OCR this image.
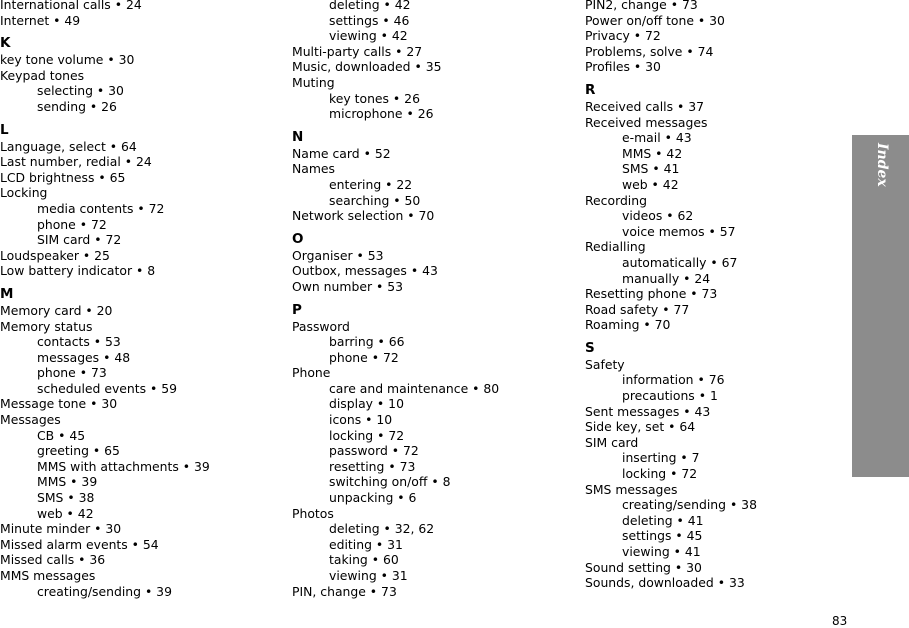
International calls • 24
Internet • 49
K
key tone volume • 30
Keypad tones
selecting • 30
sending • 26
L
Language, select • 64
Last number, redial • 24
LCD brightness • 65
Locking
media contents • 72
phone • 72
SIM card • 72
Loudspeaker • 25
Low battery indicator • 8
M
Memory card • 20
Memory status
contacts • 53
messages • 48
phone • 73
scheduled events • 59
Message tone • 30
Messages
CB • 45
greeting • 65
MMS with attachments • 39
MMS • 39
SMS • 38
web • 42
Minute minder • 30
Missed alarm events • 54
Missed calls • 36
MMS messages
creating/sending • 39
deleting • 42
settings • 46
viewing • 42
Multi-party calls • 27
Music, downloaded • 35
Muting
key tones • 26
microphone • 26
N
Name card • 52
Names
entering • 22
searching • 50
Network selection • 70
O
Organiser • 53
Outbox, messages • 43
Own number • 53
P
Password
barring • 66
phone • 72
Phone
care and maintenance • 80
display • 10
icons • 10
locking • 72
password • 72
resetting • 73
switching on/off • 8
unpacking • 6
Photos
deleting • 32, 62
editing • 31
taking • 60
viewing • 31
PIN, change • 73
PIN2, change • 73
Power on/off tone • 30
Privacy • 72
Problems, solve • 74
Profiles • 30
R
Received calls • 37
Received messages
e-mail • 43
MMS • 42
SMS • 41
web • 42
Recording
videos • 62
voice memos • 57
Redialling
automatically • 67
manually • 24
Resetting phone • 73
Road safety • 77
Roaming • 70
S
Safety
information • 76
precautions • 1
Sent messages • 43
Side key, set • 64
SIM card
inserting • 7
locking • 72
SMS messages
creating/sending • 38
deleting • 41
settings • 45
viewing • 41
Sound setting • 30
Sounds, downloaded • 33
Index
83
